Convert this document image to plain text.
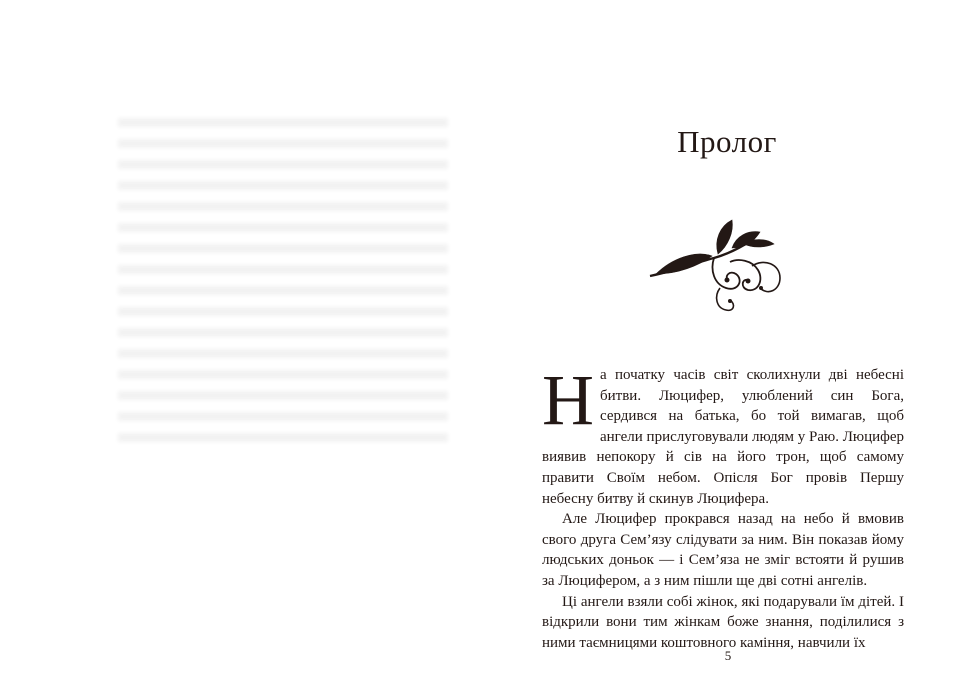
Пролог

На початку часів світ сколихнули дві небесні битви. Люцифер, улюблений син Бога, сердився на батька, бо той вимагав, щоб ангели прислуговували людям у Раю. Люцифер виявив непокору й сів на його трон, щоб самому правити Своїм небом. Опісля Бог провів Першу небесну битву й скинув Люцифера.

Але Люцифер прокрався назад на небо й вмовив свого друга Сем’язу слідувати за ним. Він показав йому людських доньок — і Сем’яза не зміг встояти й рушив за Люцифером, а з ним пішли ще дві сотні ангелів.

Ці ангели взяли собі жінок, які подарували їм дітей. І відкрили вони тим жінкам боже знання, поділилися з ними таємницями коштовного каміння, навчили їх

5
